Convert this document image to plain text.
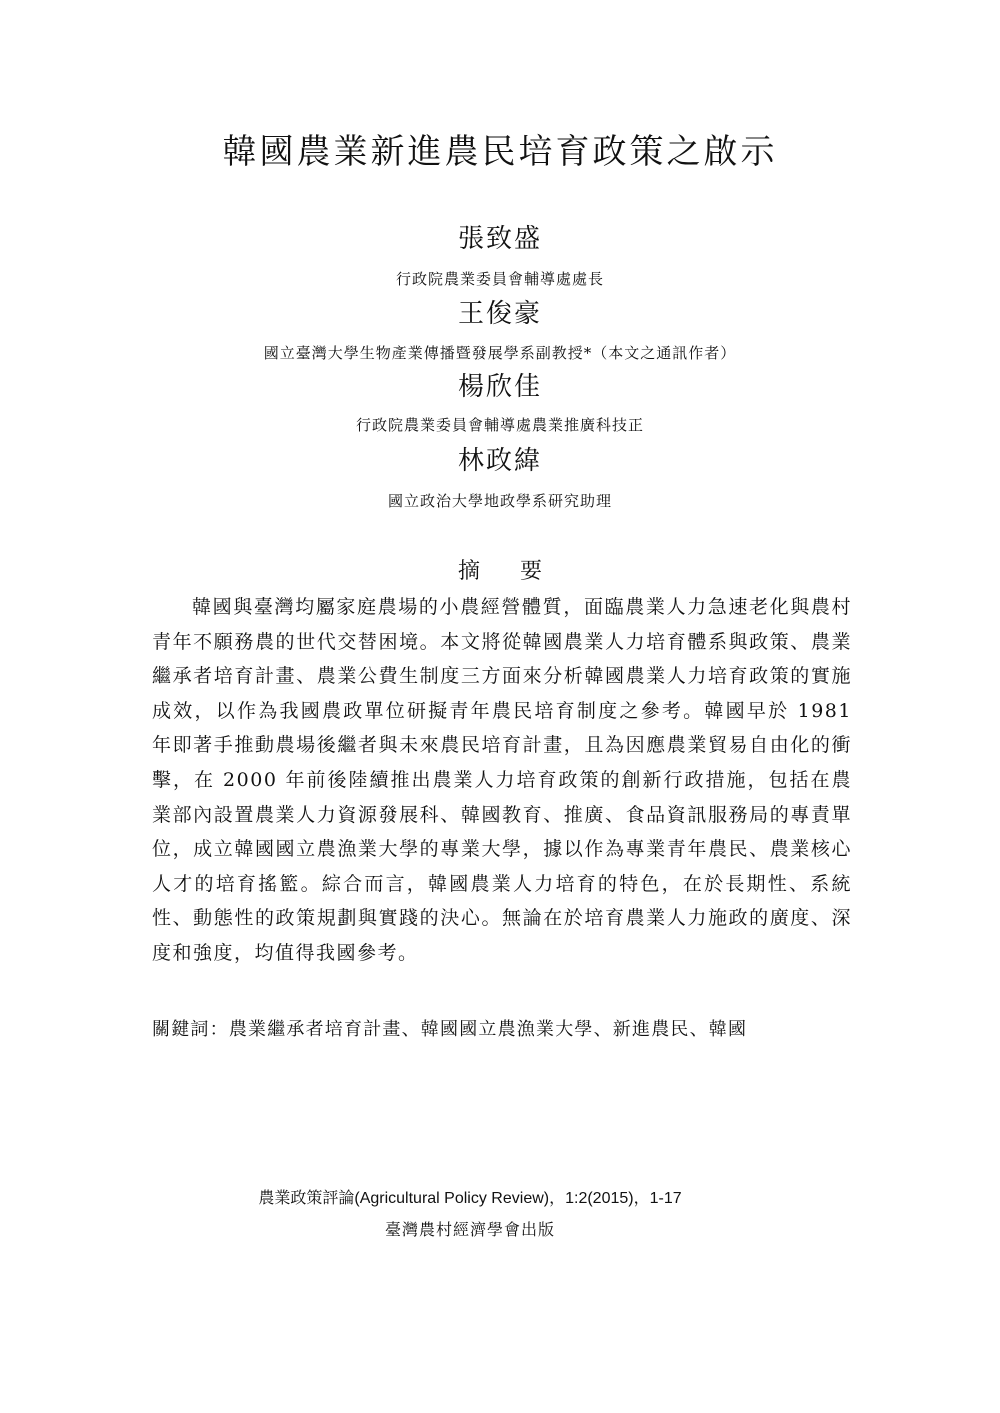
韓國農業新進農民培育政策之啟示
張致盛
行政院農業委員會輔導處處長
王俊豪
國立臺灣大學生物產業傳播暨發展學系副教授*（本文之通訊作者）
楊欣佳
行政院農業委員會輔導處農業推廣科技正
林政緯
國立政治大學地政學系研究助理
摘要

韓國與臺灣均屬家庭農場的小農經營體質，面臨農業人力急速老化與農村青年不願務農的世代交替困境。本文將從韓國農業人力培育體系與政策、農業繼承者培育計畫、農業公費生制度三方面來分析韓國農業人力培育政策的實施成效，以作為我國農政單位研擬青年農民培育制度之參考。韓國早於 1981 年即著手推動農場後繼者與未來農民培育計畫，且為因應農業貿易自由化的衝擊，在 2000 年前後陸續推出農業人力培育政策的創新行政措施，包括在農業部內設置農業人力資源發展科、韓國教育、推廣、食品資訊服務局的專責單位，成立韓國國立農漁業大學的專業大學，據以作為專業青年農民、農業核心人才的培育搖籃。綜合而言，韓國農業人力培育的特色，在於長期性、系統性、動態性的政策規劃與實踐的決心。無論在於培育農業人力施政的廣度、深度和強度，均值得我國參考。

關鍵詞：農業繼承者培育計畫、韓國國立農漁業大學、新進農民、韓國
農業政策評論(Agricultural Policy Review)，1:2(2015)，1-17
臺灣農村經濟學會出版
